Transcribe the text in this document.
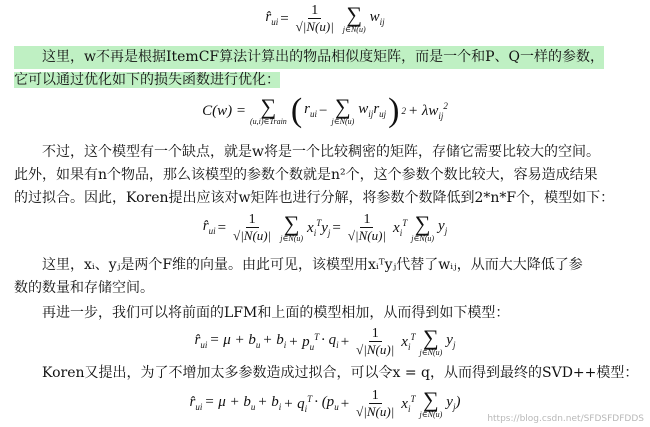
$r̂_{ui} = \frac{1}{√|N(u)|}$ ∑
j∈N(u)
$w_{ij}$
这里，w不再是根据ItemCF算法计算出的物品相似度矩阵，而是一个和P、Q一样的参数，
它可以通过优化如下的损失函数进行优化：
C(w) = ∑
(u,i)∈Train ( $r_{ui}$ − ∑
j∈N(u)
$w_{ij}r_{uj}$ ) $2 + \lambda w_{ij}^2$
不过，这个模型有一个缺点，就是w将是一个比较稠密的矩阵，存储它需要比较大的空间。
此外，如果有n个物品，那么该模型的参数个数就是n²个，这个参数个数比较大，容易造成结果
的过拟合。因此，Koren提出应该对w矩阵也进行分解，将参数个数降低到2*n*F个，模型如下：
$r̂_{ui} = \frac{1}{√|N(u)|}$ ∑
j∈N(u)
$x_i^Ty_j = \frac{1}{√|N(u)|} x_i^T$ ∑
j∈N(u)
$y_j$
这里，xᵢ、yⱼ是两个F维的向量。由此可见，该模型用xᵢᵀyⱼ代替了wᵢⱼ，从而大大降低了参
数的数量和存储空间。
再进一步，我们可以将前面的LFM和上面的模型相加，从而得到如下模型：
$r̂_{ui} = \mu + b_u + b_i + p_u^T \cdot q_i + \frac{1}{√|N(u)|} x_i^T$ ∑
j∈N(u)
$y_j$
Koren又提出，为了不增加太多参数造成过拟合，可以令x = q，从而得到最终的SVD++模型：
$r̂_{ui} = \mu + b_u + b_i + q_i^T \cdot (p_u + \frac{1}{√|N(u)|} x_i^T$ ∑
j∈N(u)
$y_j$)
https://blog.csdn.net/SFDSFDFDDS
